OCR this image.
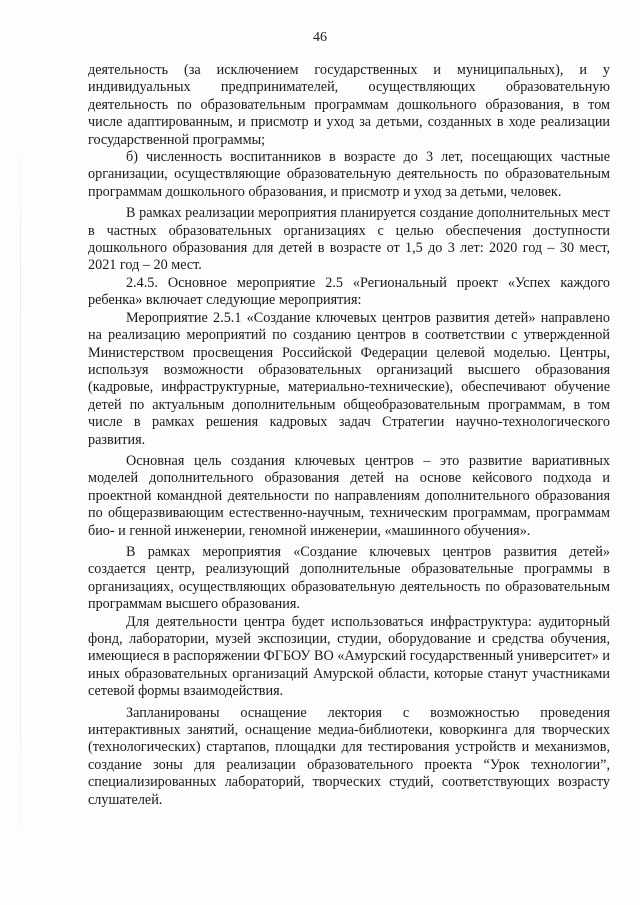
46

деятельность (за исключением государственных и муниципальных), и у индивидуальных предпринимателей, осуществляющих образовательную деятельность по образовательным программам дошкольного образования, в том числе адаптированным, и присмотр и уход за детьми, созданных в ходе реализации государственной программы;

б) численность воспитанников в возрасте до 3 лет, посещающих частные организации, осуществляющие образовательную деятельность по образовательным программам дошкольного образования, и присмотр и уход за детьми, человек.

В рамках реализации мероприятия планируется создание дополнительных мест в частных образовательных организациях с целью обеспечения доступности дошкольного образования для детей в возрасте от 1,5 до 3 лет: 2020 год – 30 мест, 2021 год – 20 мест.

2.4.5. Основное мероприятие 2.5 «Региональный проект «Успех каждого ребенка» включает следующие мероприятия:

Мероприятие 2.5.1 «Создание ключевых центров развития детей» направлено на реализацию мероприятий по созданию центров в соответствии с утвержденной Министерством просвещения Российской Федерации целевой моделью. Центры, используя возможности образовательных организаций высшего образования (кадровые, инфраструктурные, материально-технические), обеспечивают обучение детей по актуальным дополнительным общеобразовательным программам, в том числе в рамках решения кадровых задач Стратегии научно-технологического развития.

Основная цель создания ключевых центров – это развитие вариативных моделей дополнительного образования детей на основе кейсового подхода и проектной командной деятельности по направлениям дополнительного образования по общеразвивающим естественно-научным, техническим программам, программам био- и генной инженерии, геномной инженерии, «машинного обучения».

В рамках мероприятия «Создание ключевых центров развития детей» создается центр, реализующий дополнительные образовательные программы в организациях, осуществляющих образовательную деятельность по образовательным программам высшего образования.

Для деятельности центра будет использоваться инфраструктура: аудиторный фонд, лаборатории, музей экспозиции, студии, оборудование и средства обучения, имеющиеся в распоряжении ФГБОУ ВО «Амурский государственный университет» и иных образовательных организаций Амурской области, которые станут участниками сетевой формы взаимодействия.

Запланированы оснащение лектория с возможностью проведения интерактивных занятий, оснащение медиа-библиотеки, коворкинга для творческих (технологических) стартапов, площадки для тестирования устройств и механизмов, создание зоны для реализации образовательного проекта “Урок технологии”, специализированных лабораторий, творческих студий, соответствующих возрасту слушателей.
